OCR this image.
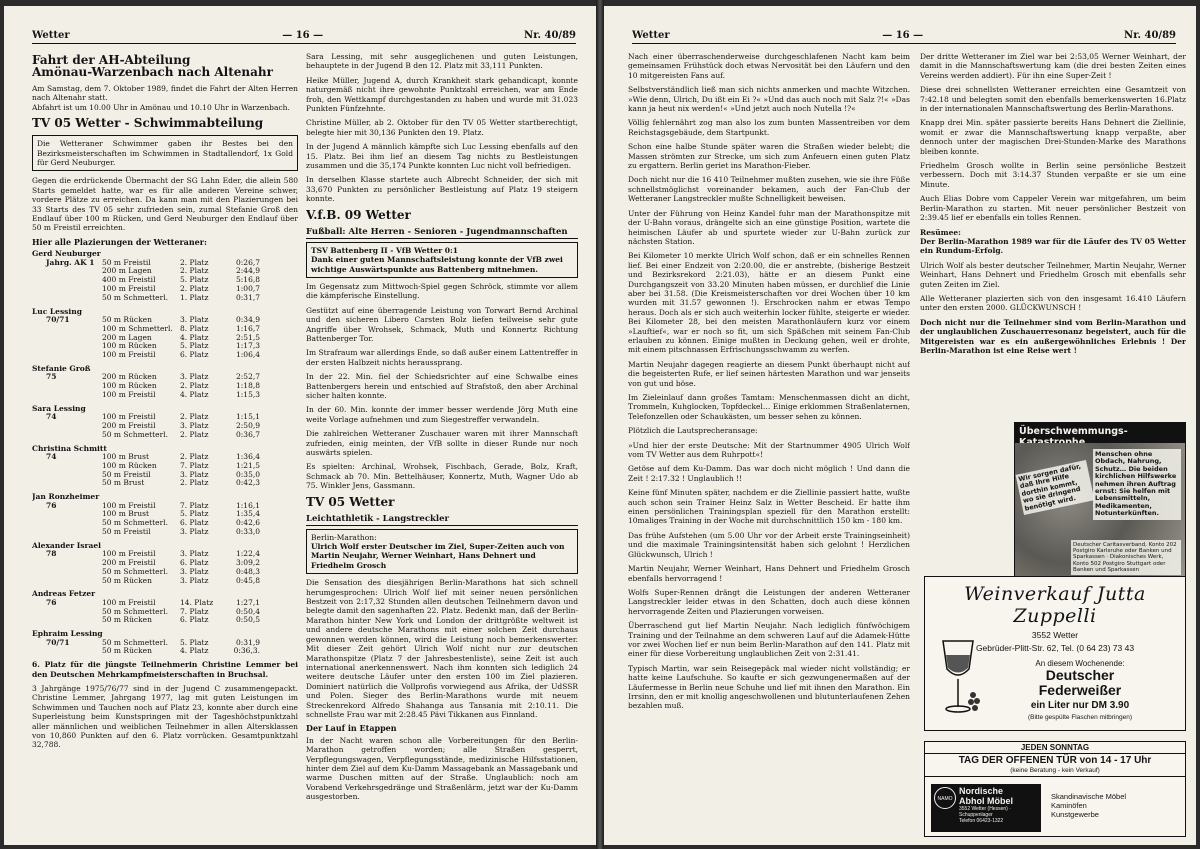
Wetter	— 16 —	Nr. 40/89
Fahrt der AH-Abteilung
Amönau-Warzenbach nach Altenahr

Am Samstag, dem 7. Oktober 1989, findet die Fahrt der Alten Herren nach Altenahr statt.
Abfahrt ist um 10.00 Uhr in Amönau und 10.10 Uhr in Warzenbach.

TV 05 Wetter - Schwimmabteilung

Die Wetteraner Schwimmer gaben ihr Bestes bei den Bezirksmeisterschaften im Schwimmen in Stadtallendorf, 1x Gold für Gerd Neuburger.

Gegen die erdrückende Übermacht der SG Lahn Eder, die allein 580 Starts gemeldet hatte, war es für alle anderen Vereine schwer, vordere Plätze zu erreichen. Da kann man mit den Plazierungen bei 33 Starts des TV 05 sehr zufrieden sein, zumal Stefanie Groß den Endlauf über 100 m Rücken, und Gerd Neuburger den Endlauf über 50 m Freistil erreichten.

Hier alle Plazierungen der Wetteraner:
Gerd Neuburger
Jahrg. AK 1	50 m Freistil	2. Platz	0:26,7
200 m Lagen	2. Platz	2:44,9
400 m Freistil	5. Platz	5:16,8
100 m Freistil	2. Platz	1:00,7
50 m Schmetterl.	1. Platz	0:31,7
Luc Lessing
70/71	50 m Rücken	3. Platz	0:34,9
100 m Schmetterl. 8. Platz	1:16,7
200 m Lagen	4. Platz	2:51,5
100 m Rücken	5. Platz	1:17,3
100 m Freistil	6. Platz	1:06,4
Stefanie Groß
75	200 m Rücken	3. Platz	2:52,7
100 m Rücken	2. Platz	1:18,8
100 m Freistil	4. Platz	1:15,3
Sara Lessing
74	100 m Freistil	2. Platz	1:15,1
200 m Freistil	3. Platz	2:50,9
50 m Schmetterl.	2. Platz	0:36,7
Christina Schmitt
74	100 m Brust	2. Platz	1:36,4
100 m Rücken	7. Platz	1:21,5
50 m Freistil	3. Platz	0:35,0
50 m Brust	2. Platz	0:42,3
Jan Ronzheimer
76	100 m Freistil	7. Platz	1:16,1
100 m Brust	5. Platz	1:35,4
50 m Schmetterl.	6. Platz	0:42,6
50 m Freistil	3. Platz	0:33,0
Alexander Israel
78	100 m Freistil	3. Platz	1:22,4
200 m Freistil	6. Platz	3:09,2
50 m Schmetterl.	3. Platz	0:48,3
50 m Rücken	3. Platz	0:45,8
Andreas Fetzer
76	100 m Freistil	14. Platz	1:27,1
50 m Schmetterl.	7. Platz	0:50,4
50 m Rücken	6. Platz	0:50,5
Ephraim Lessing
70/71	50 m Schmetterl.	5. Platz	0:31,9
50 m Rücken	4. Platz	0:36,3.

6. Platz für die jüngste Teilnehmerin Christine Lemmer bei den Deutschen Mehrkampfmeisterschaften in Bruchsal.

3 Jahrgänge 1975/76/77 sind in der Jugend C zusammengepackt. Christine Lemmer, Jahrgang 1977, lag mit guten Leistungen im Schwimmen und Tauchen noch auf Platz 23, konnte aber durch eine Superleistung beim Kunstspringen mit der Tageshöchstpunktzahl aller männlichen und weiblichen Teilnehmer in allen Altersklassen von 10,860 Punkten auf den 6. Platz vorrücken. Gesamtpunktzahl 32,788.

Sara Lessing, mit sehr ausgeglichenen und guten Leistungen, behauptete in der Jugend B den 12. Platz mit 33,111 Punkten.

Heike Müller, Jugend A, durch Krankheit stark gehandicapt, konnte naturgemäß nicht ihre gewohnte Punktzahl erreichen, war am Ende froh, den Wettkampf durchgestanden zu haben und wurde mit 31.023 Punkten Fünfzehnte.

Christine Müller, ab 2. Oktober für den TV 05 Wetter startberechtigt, belegte hier mit 30,136 Punkten den 19. Platz.

In der Jugend A männlich kämpfte sich Luc Lessing ebenfalls auf den 15. Platz. Bei ihm lief an diesem Tag nichts zu Bestleistungen zusammen und die 35,174 Punkte konnten Luc nicht voll befriedigen.

In derselben Klasse startete auch Albrecht Schneider, der sich mit 33,670 Punkten zu persönlicher Bestleistung auf Platz 19 steigern konnte.

V.f.B. 09 Wetter
Fußball: Alte Herren - Senioren - Jugendmannschaften
TSV Battenberg II - VfB Wetter 0:1
Dank einer guten Mannschaftsleistung konnte der VfB zwei wichtige Auswärtspunkte aus Battenberg mitnehmen.

Im Gegensatz zum Mittwoch-Spiel gegen Schröck, stimmte vor allem die kämpferische Einstellung.

Gestützt auf eine überragende Leistung von Torwart Bernd Archinal und den sicheren Libero Carsten Bolz liefen teilweise sehr gute Angriffe über Wrohsek, Schmack, Muth und Konnertz Richtung Battenberger Tor.

Im Strafraum war allerdings Ende, so daß außer einem Lattentreffer in der ersten Halbzeit nichts heraussprang.

In der 22. Min. fiel der Schiedsrichter auf eine Schwalbe eines Battenbergers herein und entschied auf Strafstoß, den aber Archinal sicher halten konnte.

In der 60. Min. konnte der immer besser werdende Jörg Muth eine weite Vorlage aufnehmen und zum Siegestreffer verwandeln.

Die zahlreichen Wetteraner Zuschauer waren mit ihrer Mannschaft zufrieden, einig meinten, der VfB sollte in dieser Runde nur noch auswärts spielen.

Es spielten: Archinal, Wrohsek, Fischbach, Gerade, Bolz, Kraft, Schmack ab 70. Min. Bettelhäuser, Konnertz, Muth, Wagner Udo ab 75. Winkler Jens, Gassmann.

TV 05 Wetter
Leichtathletik - Langstreckler
Berlin-Marathon:
Ulrich Wolf erster Deutscher im Ziel, Super-Zeiten auch von Martin Neujahr, Werner Weinhart, Hans Dehnert und Friedhelm Grosch

Die Sensation des diesjährigen Berlin-Marathons hat sich schnell herumgesprochen: Ulrich Wolf lief mit seiner neuen persönlichen Bestzeit von 2:17,32 Stunden allen deutschen Teilnehmern davon und belegte damit den sagenhaften 22. Platz. Bedenkt man, daß der Berlin-Marathon hinter New York und London der drittgrößte weltweit ist und andere deutsche Marathons mit einer solchen Zeit durchaus gewonnen werden können, wird die Leistung noch bemerkenswerter. Mit dieser Zeit gehört Ulrich Wolf nicht nur zur deutschen Marathonspitze (Platz 7 der Jahresbestenliste), seine Zeit ist auch international anerkennenswert. Nach ihm konnten sich lediglich 24 weitere deutsche Läufer unter den ersten 100 im Ziel plazieren. Dominiert natürlich die Vollprofis vorwiegend aus Afrika, der UdSSR und Polen. Sieger des Berlin-Marathons wurde mit neuem Streckenrekord Alfredo Shahanga aus Tansania mit 2:10.11. Die schnellste Frau war mit 2:28.45 Pävi Tikkanen aus Finnland.

Der Lauf in Etappen

In der Nacht waren schon alle Vorbereitungen für den Berlin-Marathon getroffen worden; alle Straßen gesperrt, Verpflegungswagen, Verpflegungsstände, medizinische Hilfsstationen, hinter dem Ziel auf dem Ku-Damm Massagebank an Massagebank und warme Duschen mitten auf der Straße. Unglaublich: noch am Vorabend Verkehrsgedränge und Straßenlärm, jetzt war der Ku-Damm ausgestorben.

Wetter	— 16 —	Nr. 40/89

Nach einer überraschenderweise durchgeschlafenen Nacht kam beim gemeinsamen Frühstück doch etwas Nervosität bei den Läufern und den 10 mitgereisten Fans auf.

Selbstverständlich ließ man sich nichts anmerken und machte Witzchen. »Wie denn, Ulrich, Du ißt ein Ei ?« »Und das auch noch mit Salz ?!« »Das kann ja heut nix werden!« »Und jetzt auch noch Nutella !?«

Völlig fehlernährt zog man also los zum bunten Massentreiben vor dem Reichstagsgebäude, dem Startpunkt.

Schon eine halbe Stunde später waren die Straßen wieder belebt; die Massen strömten zur Strecke, um sich zum Anfeuern einen guten Platz zu ergattern. Berlin geriet ins Marathon-Fieber.

Doch nicht nur die 16 410 Teilnehmer mußten zusehen, wie sie ihre Füße schnellstmöglichst voreinander bekamen, auch der Fan-Club der Wetteraner Langstreckler mußte Schnelligkeit beweisen.

Unter der Führung von Heinz Kandel fuhr man der Marathonspitze mit der U-Bahn voraus, drängelte sich an eine günstige Position, wartete die heimischen Läufer ab und spurtete wieder zur U-Bahn zurück zur nächsten Station.

Bei Kilometer 10 merkte Ulrich Wolf schon, daß er ein schnelles Rennen lief. Bei einer Endzeit von 2:20.00, die er anstrebte, (bisherige Bestzeit und Bezirksrekord 2:21.03), hätte er an diesem Punkt eine Durchgangszeit von 33.20 Minuten haben müssen, er durchlief die Linie aber bei 31.58. (Die Kreismeisterschaften vor drei Wochen über 10 km wurden mit 31.57 gewonnen !). Erschrocken nahm er etwas Tempo heraus. Doch als er sich auch weiterhin locker fühlte, steigerte er wieder. Bei Kilometer 28, bei den meisten Marathonläufern kurz vor einem »Lauftief«, war er noch so fit, um sich Späßchen mit seinem Fan-Club erlauben zu können. Einige mußten in Deckung gehen, weil er drohte, mit einem pitschnassen Erfrischungsschwamm zu werfen.

Martin Neujahr dagegen reagierte an diesem Punkt überhaupt nicht auf die begeisterten Rufe, er lief seinen härtesten Marathon und war jenseits von gut und böse.

Im Zieleinlauf dann großes Tamtam: Menschenmassen dicht an dicht, Trommeln, Kuhglocken, Topfdeckel… Einige erklommen Straßenlaternen, Telefonzellen oder Schaukästen, um besser sehen zu können.

Plötzlich die Lautsprecheransage:

»Und hier der erste Deutsche: Mit der Startnummer 4905 Ulrich Wolf vom TV Wetter aus dem Ruhrpott«!

Getöse auf dem Ku-Damm. Das war doch nicht möglich ! Und dann die Zeit ! 2:17.32 ! Unglaublich !!

Keine fünf Minuten später, nachdem er die Ziellinie passiert hatte, wußte auch schon sein Trainer Heinz Salz in Wetter Bescheid. Er hatte ihm einen persönlichen Trainingsplan speziell für den Marathon erstellt: 10maliges Training in der Woche mit durchschnittlich 150 km - 180 km.

Das frühe Aufstehen (um 5.00 Uhr vor der Arbeit erste Trainingseinheit) und die maximale Trainingsintensität haben sich gelohnt ! Herzlichen Glückwunsch, Ulrich !

Martin Neujahr, Werner Weinhart, Hans Dehnert und Friedhelm Grosch ebenfalls hervorragend !

Wolfs Super-Rennen drängt die Leistungen der anderen Wetteraner Langstreckler leider etwas in den Schatten, doch auch diese können hervorragende Zeiten und Plazierungen vorweisen.

Überraschend gut lief Martin Neujahr. Nach lediglich fünfwöchigem Training und der Teilnahme an dem schweren Lauf auf die Adamek-Hütte vor zwei Wochen lief er nun beim Berlin-Marathon auf den 141. Platz mit einer für diese Vorbereitung unglaublichen Zeit von 2:31.41.

Typisch Martin, war sein Reisegepäck mal wieder nicht vollständig; er hatte keine Laufschuhe. So kaufte er sich gezwungenermaßen auf der Läufermesse in Berlin neue Schuhe und lief mit ihnen den Marathon. Ein Irrsinn, den er mit knollig angeschwollenen und blutunterlaufenen Zehen bezahlen muß.

Der drittе Wetteraner im Ziel war bei 2:53,05 Werner Weinhart, der damit in die Mannschaftswertung kam (die drei besten Zeiten eines Vereins werden addiert). Für ihn eine Super-Zeit !

Diese drei schnellsten Wetteraner erreichten eine Gesamtzeit von 7:42.18 und belegten somit den ebenfalls bemerkenswerten 16.Platz in der internationalen Mannschaftswertung des Berlin-Marathons.

Knapp drei Min. später passierte bereits Hans Dehnert die Ziellinie, womit er zwar die Mannschaftswertung knapp verpaßte, aber dennoch unter der magischen Drei-Stunden-Marke des Marathons bleiben konnte.

Friedhelm Grosch wollte in Berlin seine persönliche Bestzeit verbessern. Doch mit 3:14.37 Stunden verpaßte er sie um eine Minute.

Auch Elias Dobre vom Cappeler Verein war mitgefahren, um beim Berlin-Marathon zu starten. Mit neuer persönlicher Bestzeit von 2:39.45 lief er ebenfalls ein tolles Rennen.

Resümee:

Der Berlin-Marathon 1989 war für die Läufer des TV 05 Wetter ein Rundum-Erfolg.

Ulrich Wolf als bester deutscher Teilnehmer, Martin Neujahr, Werner Weinhart, Hans Dehnert und Friedhelm Grosch mit ebenfalls sehr guten Zeiten im Ziel.

Alle Wetteraner plazierten sich von den insgesamt 16.410 Läufern unter den ersten 2000. GLÜCKWUNSCH !

Doch nicht nur die Teilnehmer sind vom Berlin-Marathon und der unglaublichen Zuschauerresonanz begeistert, auch für die Mitgereisten war es ein außergewöhnliches Erlebnis ! Der Berlin-Marathon ist eine Reise wert !

Überschwemmungs-
Menschen ohne Obdach, Nahrung, Schutz… Die beiden kirchlichen Hilfswerke nehmen ihren Auftrag ernst: Sie helfen mit Lebensmitteln, Medikamenten, Notunterkünften.
Wir sorgen dafür, daß Ihre Hilfe dorthin kommt, wo sie dringend benötigt wird.
Deutscher Caritasverband, Konto 202 Postgiro Karlsruhe oder Banken und Sparkassen · Diakonisches Werk, Konto 502 Postgiro Stuttgart oder Banken und Sparkassen
Weinverkauf Jutta Zuppelli
3552 Wetter
Gebrüder-Plitt-Str. 62, Tel. (0 64 23) 73 43
An diesem Wochenende:
Deutscher
Federweißer
ein Liter nur DM 3.90
(Bitte gespülte Flaschen mitbringen)
JEDEN SONNTAG
TAG DER OFFENEN TÜR von 14 - 17 Uhr
(keine Beratung - kein Verkauf)
NAMO
Nordische
Abhol Möbel
3552 Wetter (Hessen) · Schuppenlager
Telefon 06423-1322
Skandinavische Möbel
Kaminöfen
Kunstgewerbe
